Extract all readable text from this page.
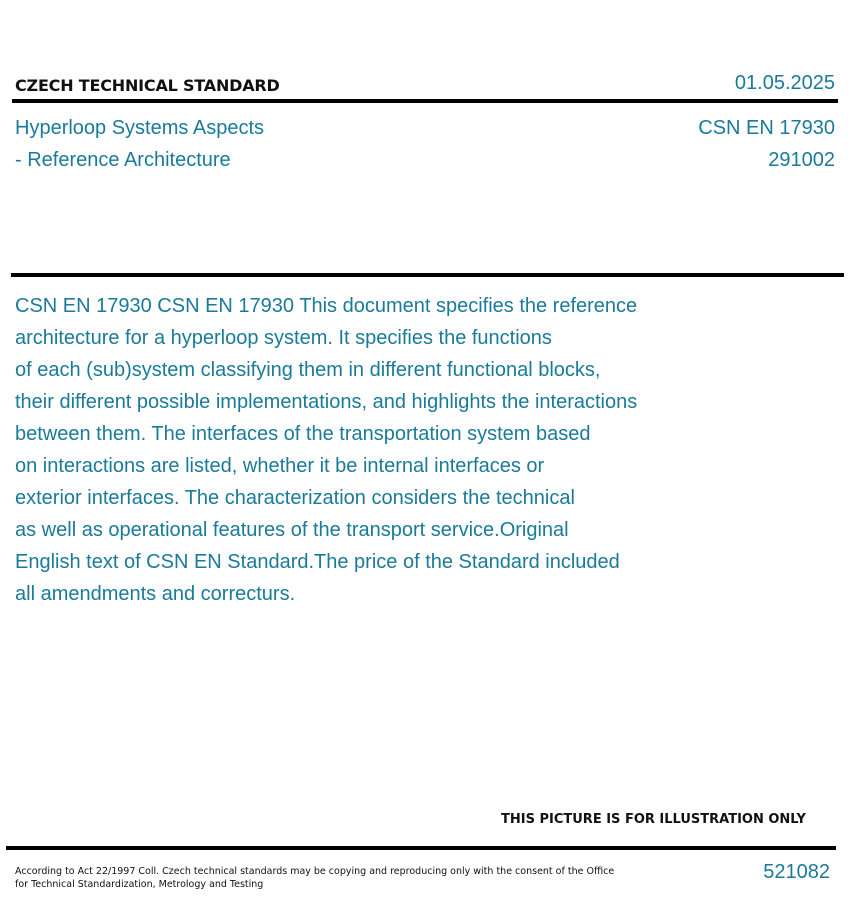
CZECH TECHNICAL STANDARD	01.05.2025
Hyperloop Systems Aspects
- Reference Architecture
CSN EN 17930
291002
CSN EN 17930 CSN EN 17930 This document specifies the reference
architecture for a hyperloop system. It specifies the functions
of each (sub)system classifying them in different functional blocks,
their different possible implementations, and highlights the interactions
between them. The interfaces of the transportation system based
on interactions are listed, whether it be internal interfaces or
exterior interfaces. The characterization considers the technical
as well as operational features of the transport service.Original
English text of CSN EN Standard.The price of the Standard included
all amendments and correcturs.
THIS PICTURE IS FOR ILLUSTRATION ONLY
According to Act 22/1997 Coll. Czech technical standards may be copying and reproducing only with the consent of the Office
for Technical Standardization, Metrology and Testing
521082
